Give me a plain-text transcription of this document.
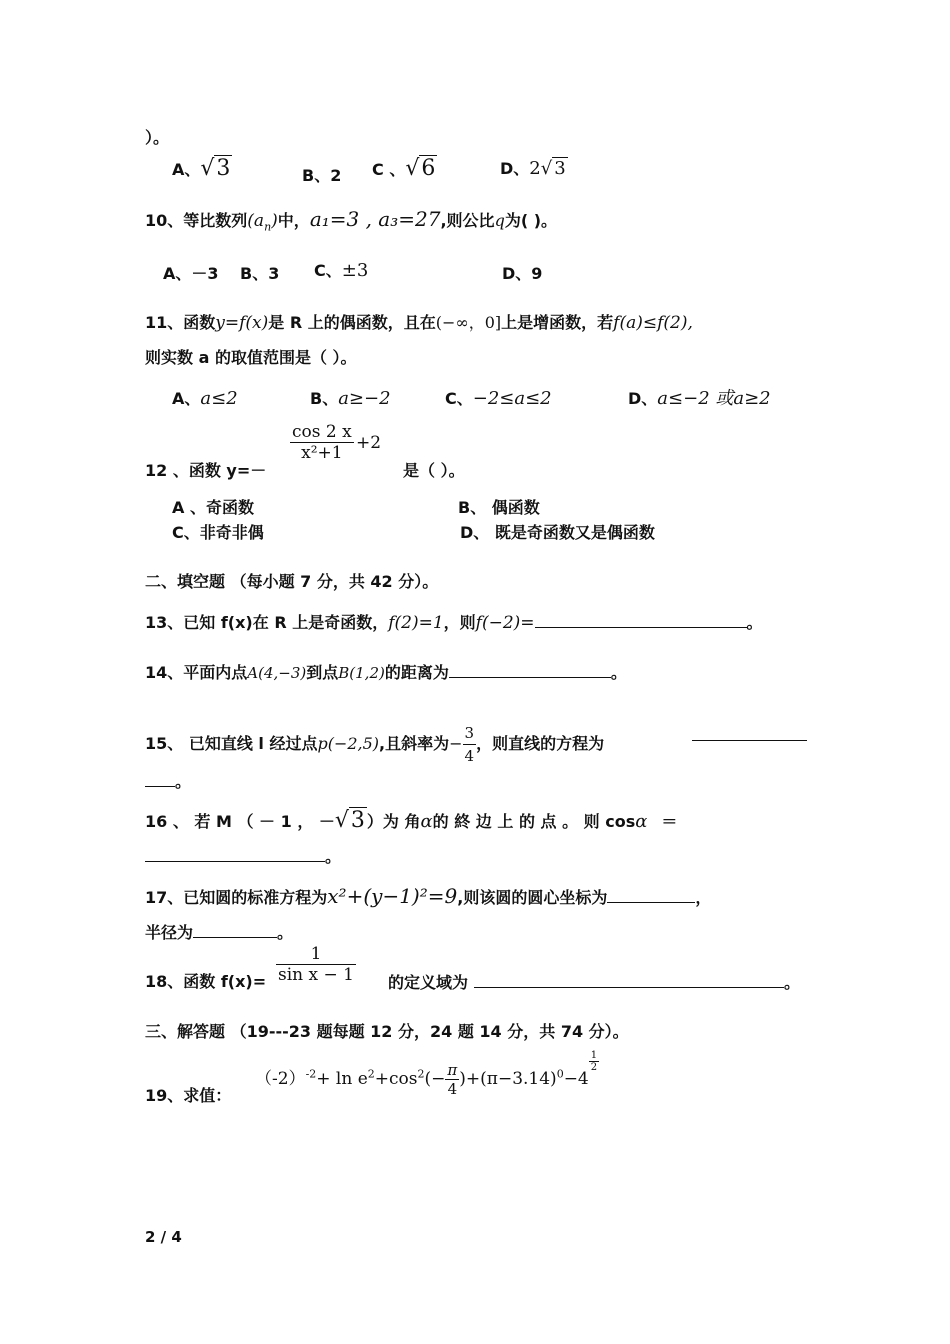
）。
A、√3	B、2 C 、√6	D、2√ 3
10、等比数列$(a_n)$中，a₁=3 , a₃=27,则公比q为( )。
A、－3 B、3 C、±3	D、9
11、函数y=f(x)是 R 上的偶函数，且在(−∞，0]上是增函数，若f(a)≤f(2),
则实数 a 的取值范围是（ ）。
A、a≤2	B、a≥−2	C、−2≤a≤2	D、a≤−2 或a≥2
12 、函数 y=－
$\frac{\cos 2 x}{\text{x²+1}} +2$
是（ ）。
A 、奇函数	B、 偶函数
C、非奇非偶	D、 既是奇函数又是偶函数
二、填空题 （每小题 7 分，共 42 分）。
13、已知 f(x)在 R 上是奇函数，f(2)=1，则f(−2)=	。
14、平面内点A(4,−3)到点B(1,2)的距离为	。
15、 已知直线 l 经过点p(−2,5),且斜率为− $\frac{3}{4}$ ，则直线的方程为
。
16 、 若 M （ － 1 ， －√3 ）为 角α的 終 边 上 的 点 。 则 cosα ＝
。
17、已知圆的标准方程为x²+(y−1)²=9,则该圆的圆心坐标为	，
半径为	。
18、函数 $f(x)= \frac{1}{\text{sin x − 1}}$ 的定义域为	。
三、解答题 （19---23 题每题 12 分，24 题 14 分，共 74 分）。
19、求值：
$(-2)^{-2}+ \ln e^2+\cos^2(- \frac{\pi}{4} )+(\pi-3.14)^0-4$
$^{\frac{1}{2}}$
2 / 4
